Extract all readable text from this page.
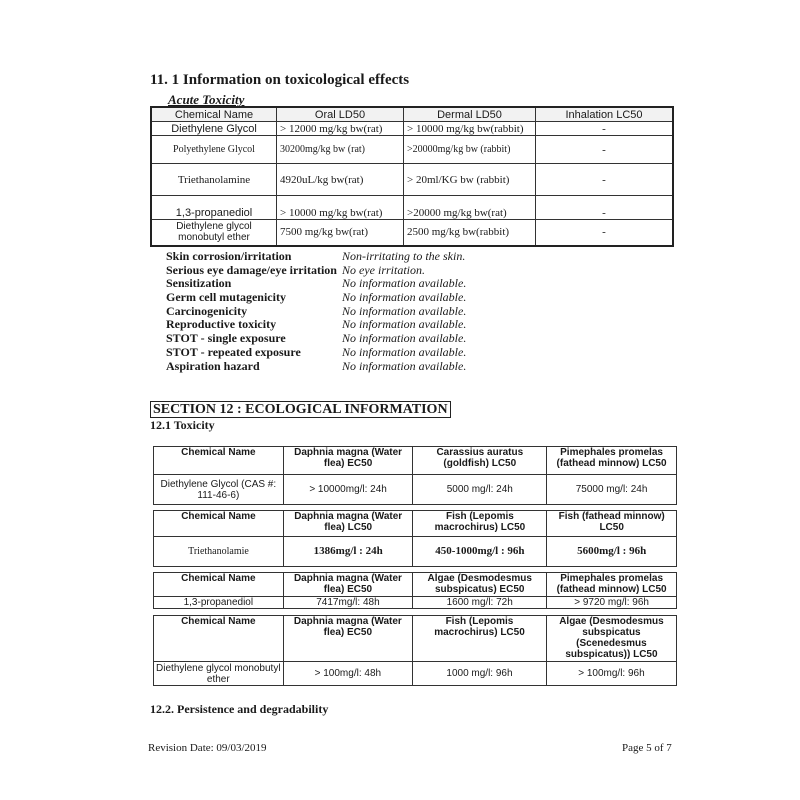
11. 1 Information on toxicological effects
Acute Toxicity
Chemical Name	Oral LD50	Dermal LD50	Inhalation LC50
Diethylene Glycol	> 12000 mg/kg bw(rat)	> 10000 mg/kg bw(rabbit)	-
Polyethylene Glycol	30200mg/kg bw (rat)	>20000mg/kg bw (rabbit)	-
Triethanolamine	4920uL/kg bw(rat)	> 20ml/KG bw (rabbit)	-
1,3-propanediol	> 10000 mg/kg bw(rat)	>20000 mg/kg bw(rat)	-
Diethylene glycol monobutyl ether	7500 mg/kg bw(rat)	2500 mg/kg bw(rabbit)	-
Skin corrosion/irritation	Non-irritating to the skin.
Serious eye damage/eye irritation No eye irritation.
Sensitization	No information available.
Germ cell mutagenicity	No information available.
Carcinogenicity	No information available.
Reproductive toxicity	No information available.
STOT - single exposure	No information available.
STOT - repeated exposure	No information available.
Aspiration hazard	No information available.
SECTION 12 : ECOLOGICAL INFORMATION
12.1 Toxicity
Chemical Name	Daphnia magna (Water flea) EC50	Carassius auratus (goldfish) LC50	Pimephales promelas (fathead minnow) LC50
Diethylene Glycol (CAS #: 111-46-6)	> 10000mg/l: 24h	5000 mg/l: 24h	75000 mg/l: 24h
Chemical Name	Daphnia magna (Water flea) LC50	Fish (Lepomis macrochirus) LC50	Fish (fathead minnow) LC50
Triethanolamie	1386mg/l : 24h	450-1000mg/l : 96h	5600mg/l : 96h
Chemical Name	Daphnia magna (Water flea) EC50	Algae (Desmodesmus subspicatus) EC50	Pimephales promelas (fathead minnow) LC50
1,3-propanediol	7417mg/l: 48h	1600 mg/l: 72h	> 9720 mg/l: 96h
Chemical Name	Daphnia magna (Water flea) EC50	Fish (Lepomis macrochirus) LC50	Algae (Desmodesmus subspicatus (Scenedesmus subspicatus)) LC50
Diethylene glycol monobutyl ether	> 100mg/l: 48h	1000 mg/l: 96h	> 100mg/l: 96h
12.2. Persistence and degradability
Revision Date: 09/03/2019	Page 5 of 7
